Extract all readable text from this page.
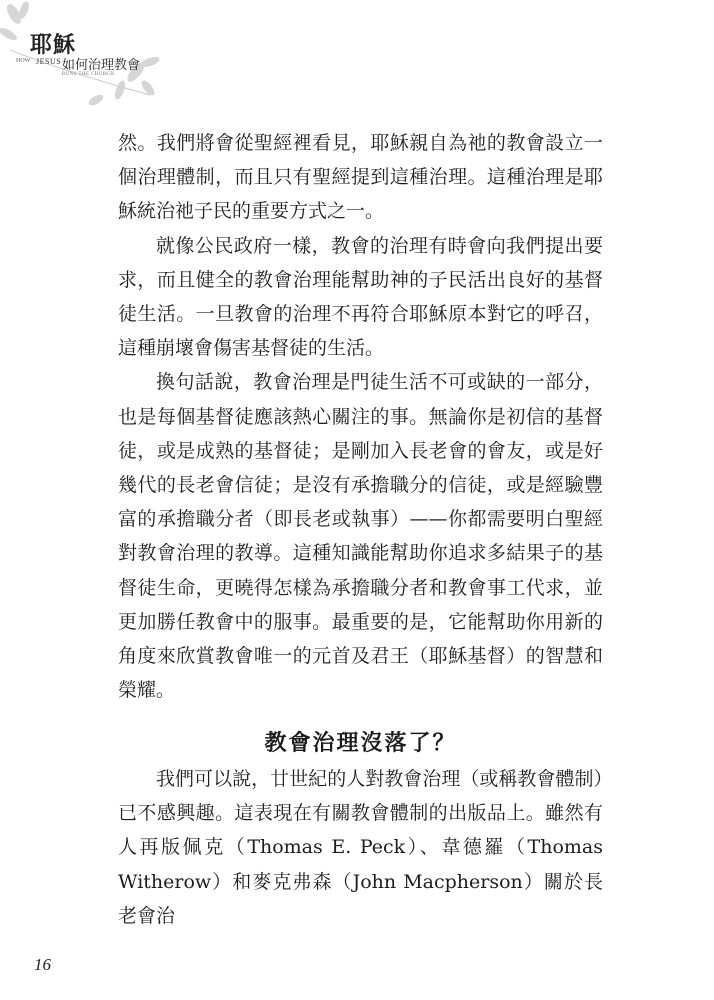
耶穌
HOW JESUS 如何治理教會
RUNS THE CHURCH

然。我們將會從聖經裡看見，耶穌親自為祂的教會設立一個治理體制，而且只有聖經提到這種治理。這種治理是耶穌統治祂子民的重要方式之一。

就像公民政府一樣，教會的治理有時會向我們提出要求，而且健全的教會治理能幫助神的子民活出良好的基督徒生活。一旦教會的治理不再符合耶穌原本對它的呼召，這種崩壞會傷害基督徒的生活。

換句話說，教會治理是門徒生活不可或缺的一部分，也是每個基督徒應該熱心關注的事。無論你是初信的基督徒，或是成熟的基督徒；是剛加入長老會的會友，或是好幾代的長老會信徒；是沒有承擔職分的信徒，或是經驗豐富的承擔職分者（即長老或執事）——你都需要明白聖經對教會治理的教導。這種知識能幫助你追求多結果子的基督徒生命，更曉得怎樣為承擔職分者和教會事工代求，並更加勝任教會中的服事。最重要的是，它能幫助你用新的角度來欣賞教會唯一的元首及君王（耶穌基督）的智慧和榮耀。

教會治理沒落了？

我們可以說，廿世紀的人對教會治理（或稱教會體制）已不感興趣。這表現在有關教會體制的出版品上。雖然有人再版佩克（Thomas E. Peck）、韋德羅（Thomas Witherow）和麥克弗森（John Macpherson）關於長老會治

16
